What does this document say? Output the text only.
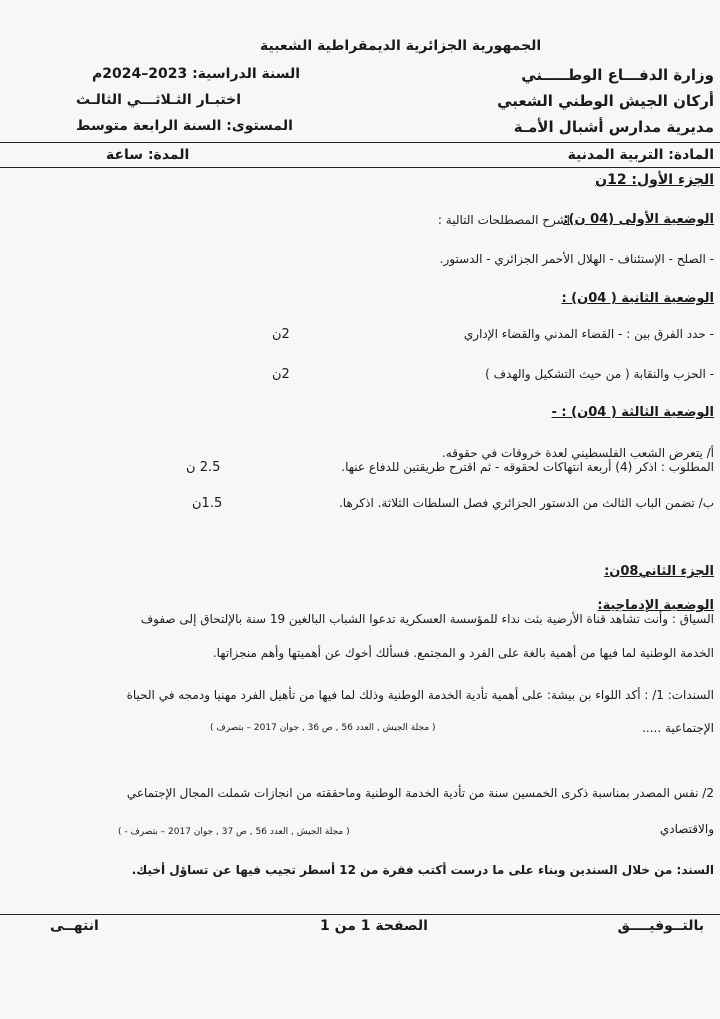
الجمهورية الجزائرية الديمقراطية الشعبية
وزارة الدفـــاع الوطـــــني
أركان الجيش الوطني الشعبي
مديرية مدارس أشبال الأمـة
السنة الدراسية: 2023–2024م
اختبـار الثـلاثـــي الثالـث
المستوى: السنة الرابعة متوسط
المادة: التربية المدنية
المدة: ساعة
الجزء الأول: 12ن
الوضعية الأولى (04 ن):
اشرح المصطلحات التالية :
- الصلح - الإستئناف - الهلال الأحمر الجزائري - الدستور.
الوضعية الثانية ( 04ن) :
- حدد الفرق بين : - القضاء المدني والقضاء الإداري
2ن
- الحزب والنقابة ( من حيث التشكيل والهدف )
2ن
الوضعية الثالثة ( 04ن) : -
أ/ يتعرض الشعب الفلسطيني لعدة خروقات في حقوقه.
المطلوب : اذكر (4) أربعة انتهاكات لحقوقه - ثم اقترح طريقتين للدفاع عنها.
2.5 ن
ب/ تضمن الباب الثالث من الدستور الجزائري فصل السلطات الثلاثة. اذكرها.
1.5ن
الجزء الثاني08ن:
الوضعية الإدماجية:
السياق : وأنت تشاهد قناة الأرضية بثت نداء للمؤسسة العسكرية تدعوا الشباب البالغين 19 سنة بالإلتحاق إلى صفوف
الخدمة الوطنية لما فيها من أهمية بالغة على الفرد و المجتمع. فسألك أخوك عن أهميتها وأهم منجزاتها.
السندات: 1/ : أكد اللواء بن بيشة: على أهمية تأدية الخدمة الوطنية وذلك لما فيها من تأهيل الفرد مهنيا ودمجه في الحياة
الإجتماعية .....
( مجلة الجيش , العدد 56 , ص 36 , جوان 2017 – بتصرف )
2/ نفس المصدر بمناسبة ذكرى الخمسين سنة من تأدية الخدمة الوطنية وماحققته من انجازات شملت المجال الإجتماعي
والاقتصادي
( مجلة الجيش , العدد 56 , ص 37 , جوان 2017 – بتصرف - )
السند: من خلال السندين وبناء على ما درست أكتب فقرة من 12 أسطر تجيب فيها عن تساؤل أخيك.
بالتــوفيــــق
الصفحة 1 من 1
انتهــى
